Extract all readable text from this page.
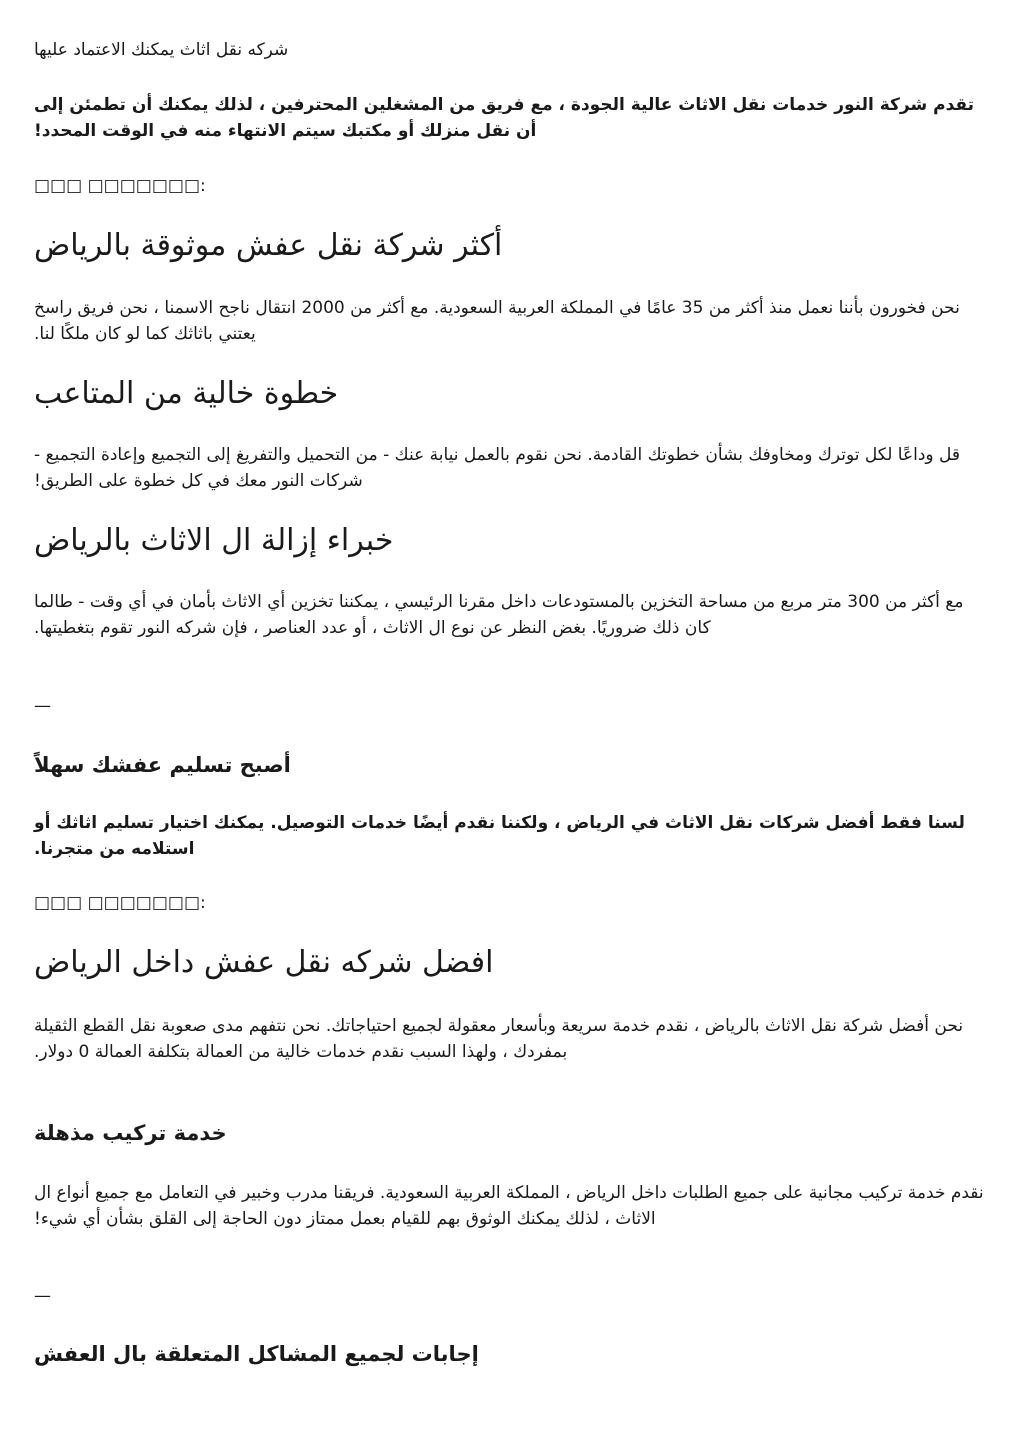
شركه نقل اثاث يمكنك الاعتماد عليها
تقدم شركة النور خدمات نقل الاثاث عالية الجودة ، مع فريق من المشغلين المحترفين ، لذلك يمكنك أن تطمئن إلى أن نقل منزلك أو مكتبك سيتم الانتهاء منه في الوقت المحدد!
□□□ □□□□□□□:
أكثر شركة نقل عفش موثوقة بالرياض
نحن فخورون بأننا نعمل منذ أكثر من 35 عامًا في المملكة العربية السعودية. مع أكثر من 2000 انتقال ناجح الاسمنا ، نحن فريق راسخ يعتني باثاثك كما لو كان ملكًا لنا.
خطوة خالية من المتاعب
قل وداعًا لكل توترك ومخاوفك بشأن خطوتك القادمة. نحن نقوم بالعمل نيابة عنك - من التحميل والتفريغ إلى التجميع وإعادة التجميع - شركات النور معك في كل خطوة على الطريق!
خبراء إزالة ال الاثاث بالرياض
مع أكثر من 300 متر مربع من مساحة التخزين بالمستودعات داخل مقرنا الرئيسي ، يمكننا تخزين أي الاثاث بأمان في أي وقت - طالما كان ذلك ضروريًا. بغض النظر عن نوع ال الاثاث ، أو عدد العناصر ، فإن شركه النور تقوم بتغطيتها.
—
أصبح تسليم عفشك سهلاً
لسنا فقط أفضل شركات نقل الاثاث في الرياض ، ولكننا نقدم أيضًا خدمات التوصيل. يمكنك اختيار تسليم اثاثك أو استلامه من متجرنا.
□□□ □□□□□□□:
افضل شركه نقل عفش داخل الرياض
نحن أفضل شركة نقل الاثاث بالرياض ، نقدم خدمة سريعة وبأسعار معقولة لجميع احتياجاتك. نحن نتفهم مدى صعوبة نقل القطع الثقيلة بمفردك ، ولهذا السبب نقدم خدمات خالية من العمالة بتكلفة العمالة 0 دولار.
خدمة تركيب مذهلة
نقدم خدمة تركيب مجانية على جميع الطلبات داخل الرياض ، المملكة العربية السعودية. فريقنا مدرب وخبير في التعامل مع جميع أنواع ال الاثاث ، لذلك يمكنك الوثوق بهم للقيام بعمل ممتاز دون الحاجة إلى القلق بشأن أي شيء!
—
إجابات لجميع المشاكل المتعلقة بال العفش
